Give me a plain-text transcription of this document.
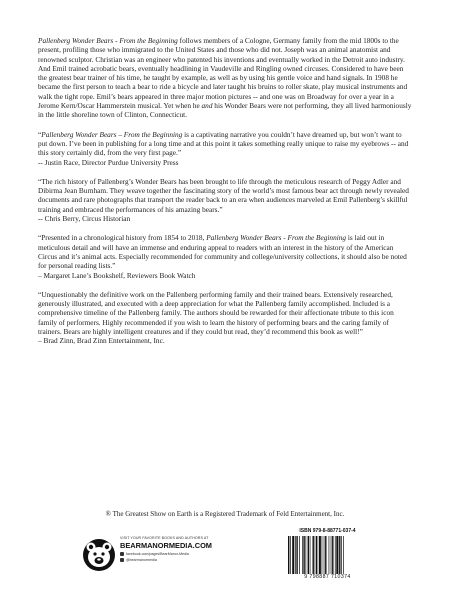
Pallenberg Wonder Bears - From the Beginning follows members of a Cologne, Germany family from the mid 1800s to the present, profiling those who immigrated to the United States and those who did not. Joseph was an animal anatomist and renowned sculptor. Christian was an engineer who patented his inventions and eventually worked in the Detroit auto industry. And Emil trained acrobatic bears, eventually headlining in Vaudeville and Ringling owned circuses. Considered to have been the greatest bear trainer of his time, he taught by example, as well as by using his gentle voice and hand signals. In 1908 he became the first person to teach a bear to ride a bicycle and later taught his bruins to roller skate, play musical instruments and walk the tight rope. Emil’s bears appeared in three major motion pictures -- and one was on Broadway for over a year in a Jerome Kern/Oscar Hammerstein musical. Yet when he and his Wonder Bears were not performing, they all lived harmoniously in the little shoreline town of Clinton, Connecticut.

“Pallenberg Wonder Bears – From the Beginning is a captivating narrative you couldn’t have dreamed up, but won’t want to put down. I’ve been in publishing for a long time and at this point it takes something really unique to raise my eyebrows -- and this story certainly did, from the very first page.”
-- Justin Race, Director Purdue University Press

“The rich history of Pallenberg’s Wonder Bears has been brought to life through the meticulous research of Peggy Adler and Dibirma Jean Burnham. They weave together the fascinating story of the world’s most famous bear act through newly revealed documents and rare photographs that transport the reader back to an era when audiences marveled at Emil Pallenberg’s skillful training and embraced the performances of his amazing bears.”
-- Chris Berry, Circus Historian

“Presented in a chronological history from 1854 to 2018, Pallenberg Wonder Bears - From the Beginning is laid out in meticulous detail and will have an immense and enduring appeal to readers with an interest in the history of the American Circus and it’s animal acts. Especially recommended for community and college/university collections, it should also be noted for personal reading lists.”
– Margaret Lane’s Bookshelf, Reviewers Book Watch

“Unquestionably the definitive work on the Pallenberg performing family and their trained bears. Extensively researched, generously illustrated, and executed with a deep appreciation for what the Pallenberg family accomplished. Included is a comprehensive timeline of the Pallenberg family. The authors should be rewarded for their affectionate tribute to this icon family of performers. Highly recommended if you wish to learn the history of performing bears and the caring family of trainers. Bears are highly intelligent creatures and if they could but read, they’d recommend this book as well!”
– Brad Zinn, Brad Zinn Entertainment, Inc.

® The Greatest Show on Earth is a Registered Trademark of Feld Entertainment, Inc.

VISIT YOUR FAVORITE BOOKS AND AUTHORS AT
BEARMANORMEDIA.COM
facebook.com/pages/BearManor-Media
@bearmanormedia
ISBN 979-8-88771-037-4
9 798887 710374
